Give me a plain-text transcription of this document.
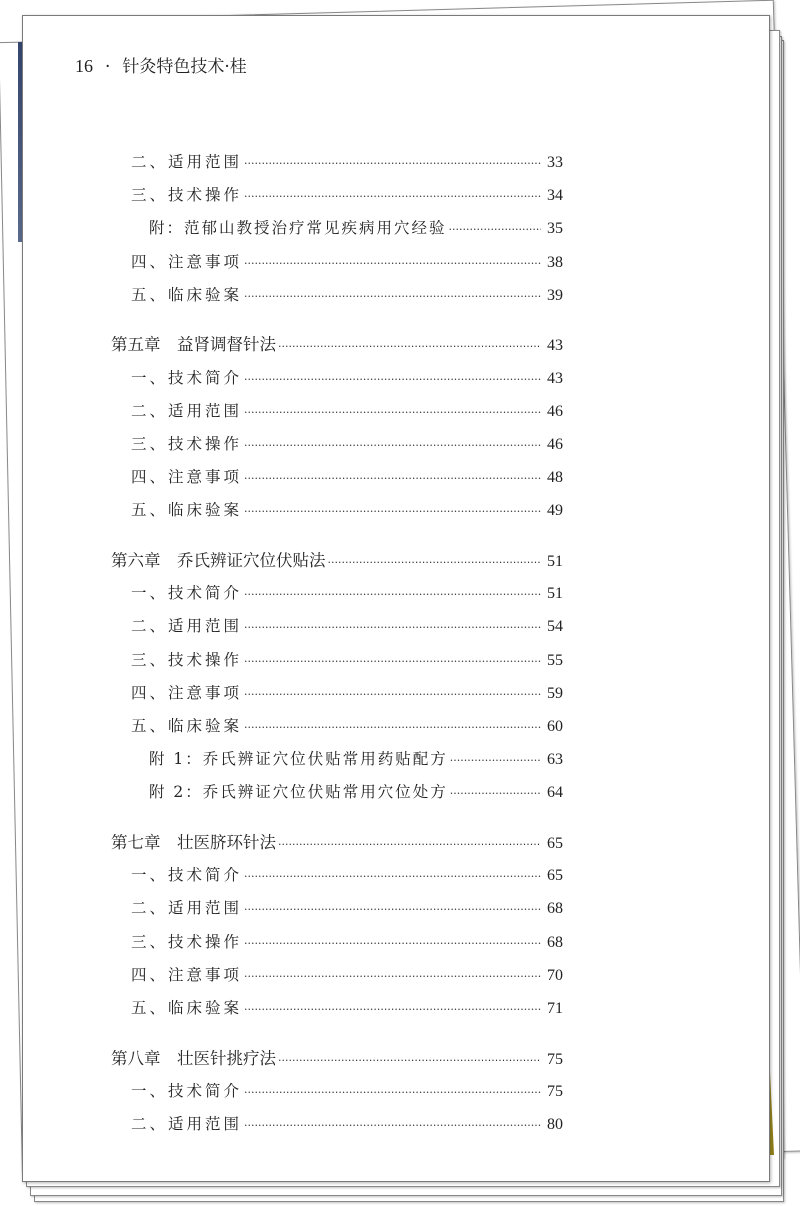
16 · 针灸特色技术·桂
二、适用范围 ·····	33
三、技术操作 ·····	34
附：范郁山教授治疗常见疾病用穴经验 ·····	35
四、注意事项 ·····	38
五、临床验案 ·····	39
第五章　益肾调督针法 ·····	43
一、技术简介 ·····	43
二、适用范围 ·····	46
三、技术操作 ·····	46
四、注意事项 ·····	48
五、临床验案 ·····	49
第六章　乔氏辨证穴位伏贴法 ·····	51
一、技术简介 ·····	51
二、适用范围 ·····	54
三、技术操作 ·····	55
四、注意事项 ·····	59
五、临床验案 ·····	60
附 1：乔氏辨证穴位伏贴常用药贴配方 ·····	63
附 2：乔氏辨证穴位伏贴常用穴位处方 ·····	64
第七章　壮医脐环针法 ·····	65
一、技术简介 ·····	65
二、适用范围 ·····	68
三、技术操作 ·····	68
四、注意事项 ·····	70
五、临床验案 ·····	71
第八章　壮医针挑疗法 ·····	75
一、技术简介 ·····	75
二、适用范围 ·····	80
